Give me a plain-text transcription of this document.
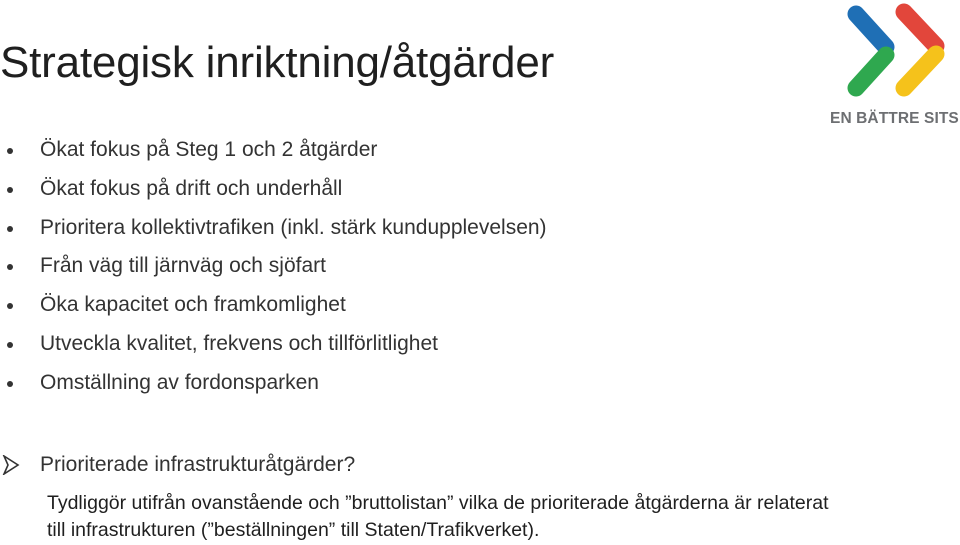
Strategisk inriktning/åtgärder
EN BÄTTRE SITS
Ökat fokus på Steg 1 och 2 åtgärder
Ökat fokus på drift och underhåll
Prioritera kollektivtrafiken (inkl. stärk kundupplevelsen)
Från väg till järnväg och sjöfart
Öka kapacitet och framkomlighet
Utveckla kvalitet, frekvens och tillförlitlighet
Omställning av fordonsparken
Prioriterade infrastrukturåtgärder?
Tydliggör utifrån ovanstående och ”bruttolistan” vilka de prioriterade åtgärderna är relaterat
till infrastrukturen (”beställningen” till Staten/Trafikverket).
